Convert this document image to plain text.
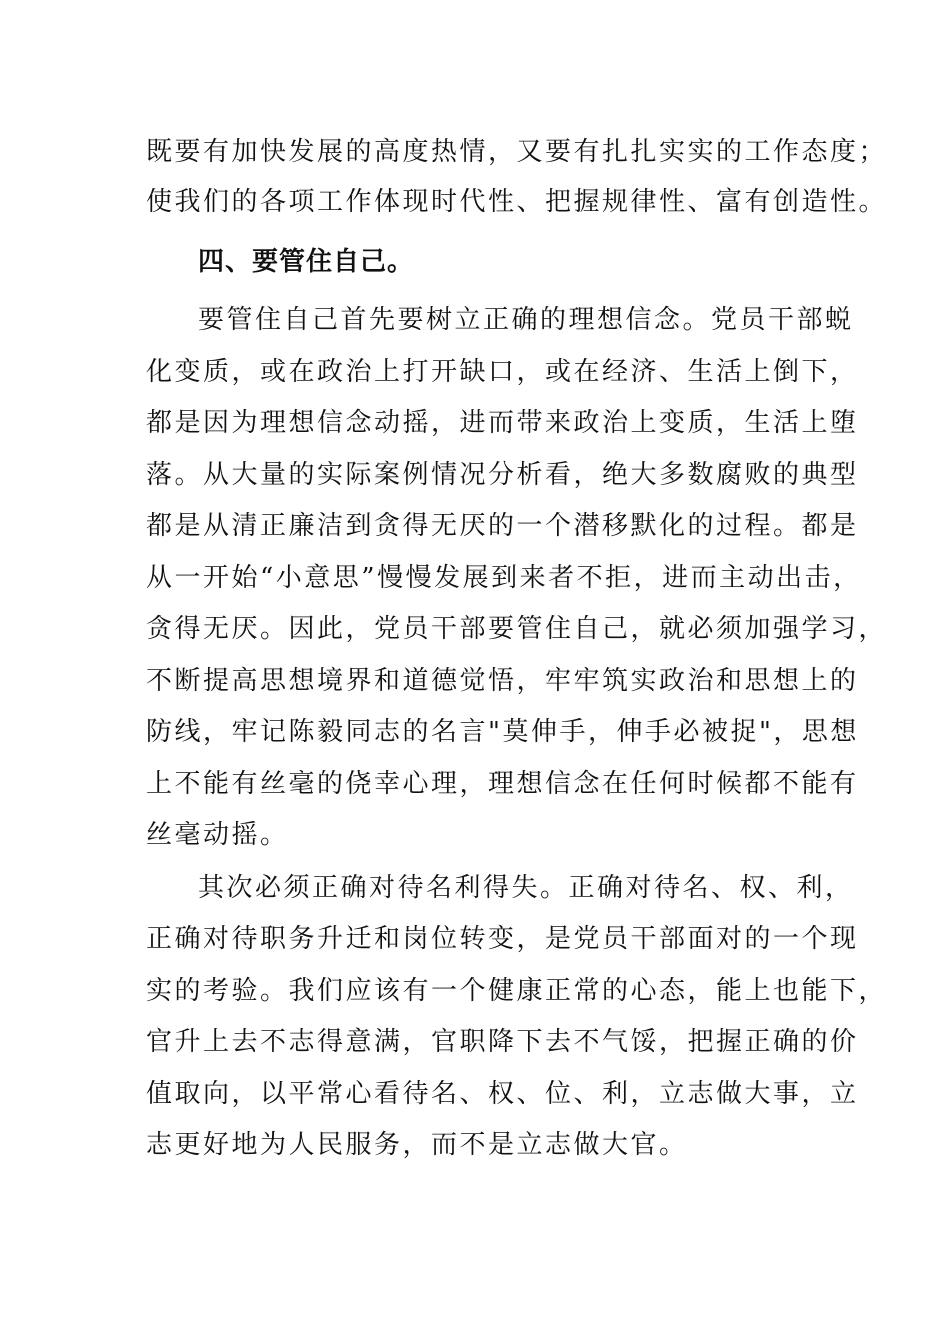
既要有加快发展的高度热情，又要有扎扎实实的工作态度；
使我们的各项工作体现时代性、把握规律性、富有创造性。
四、要管住自己。
要管住自己首先要树立正确的理想信念。党员干部蜕
化变质，或在政治上打开缺口，或在经济、生活上倒下，
都是因为理想信念动摇，进而带来政治上变质，生活上堕
落。从大量的实际案例情况分析看，绝大多数腐败的典型
都是从清正廉洁到贪得无厌的一个潜移默化的过程。都是
从一开始“小意思”慢慢发展到来者不拒，进而主动出击，
贪得无厌。因此，党员干部要管住自己，就必须加强学习，
不断提高思想境界和道德觉悟，牢牢筑实政治和思想上的
防线，牢记陈毅同志的名言"莫伸手，伸手必被捉"，思想
上不能有丝毫的侥幸心理，理想信念在任何时候都不能有
丝毫动摇。
其次必须正确对待名利得失。正确对待名、权、利，
正确对待职务升迁和岗位转变，是党员干部面对的一个现
实的考验。我们应该有一个健康正常的心态，能上也能下，
官升上去不志得意满，官职降下去不气馁，把握正确的价
值取向，以平常心看待名、权、位、利，立志做大事，立
志更好地为人民服务，而不是立志做大官。
